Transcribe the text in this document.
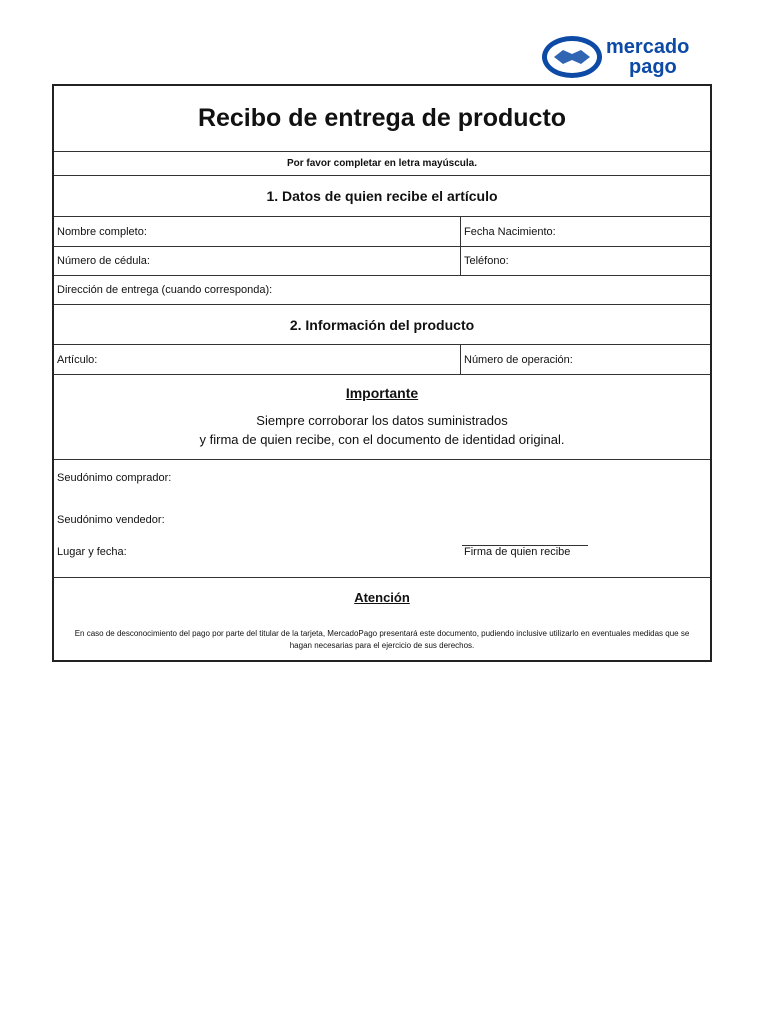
mercado
pago
Recibo de entrega de producto
Por favor completar en letra mayúscula.
1. Datos de quien recibe el artículo
Nombre completo:	Fecha Nacimiento:
Número de cédula:	Teléfono:
Dirección de entrega (cuando corresponda):
2. Información del producto
Artículo:	Número de operación:
Importante
Siempre corroborar los datos suministrados
y firma de quien recibe, con el documento de identidad original.
Seudónimo comprador:
Seudónimo vendedor:
Lugar y fecha:	Firma de quien recibe
Atención
En caso de desconocimiento del pago por parte del titular de la tarjeta, MercadoPago presentará este documento, pudiendo inclusive utilizarlo en eventuales medidas que se hagan necesarias para el ejercicio de sus derechos.
